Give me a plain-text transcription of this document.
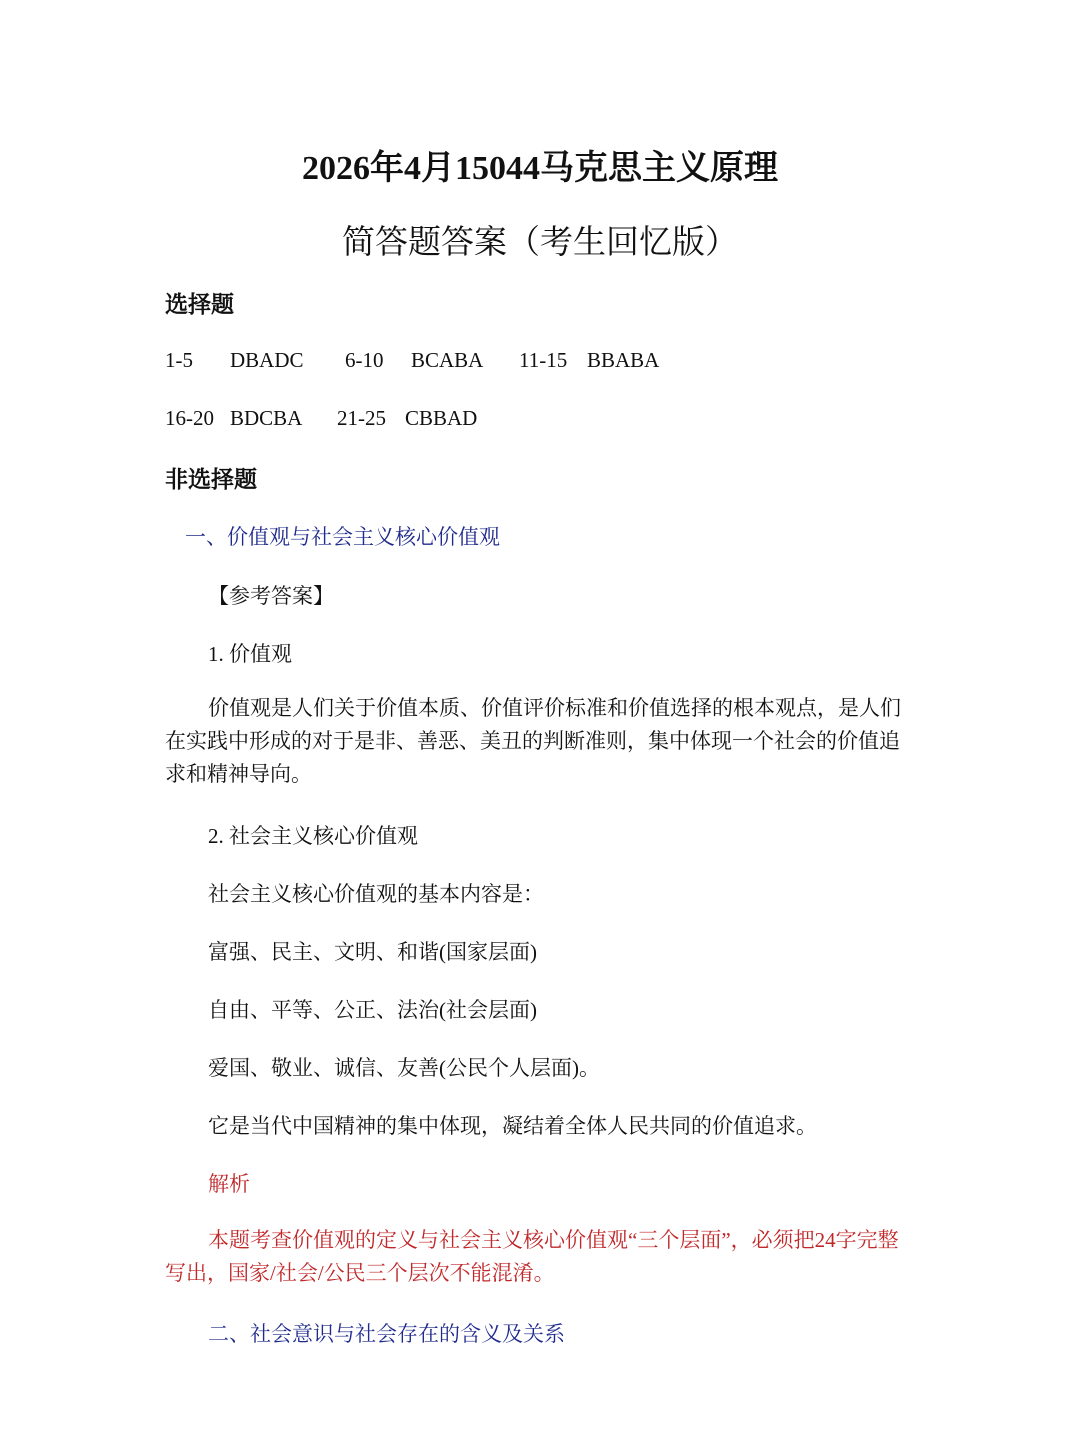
2026年4月15044马克思主义原理
简答题答案（考生回忆版）
选择题
1-5 DBADC 6-10 BCABA 11-15 BBABA
16-20 BDCBA 21-25 CBBAD
非选择题
一、价值观与社会主义核心价值观
【参考答案】
1. 价值观
价值观是人们关于价值本质、价值评价标准和价值选择的根本观点，是人们在实践中形成的对于是非、善恶、美丑的判断准则，集中体现一个社会的价值追求和精神导向。
2. 社会主义核心价值观
社会主义核心价值观的基本内容是：
富强、民主、文明、和谐(国家层面)
自由、平等、公正、法治(社会层面)
爱国、敬业、诚信、友善(公民个人层面)。
它是当代中国精神的集中体现，凝结着全体人民共同的价值追求。
解析
本题考查价值观的定义与社会主义核心价值观“三个层面”，必须把24字完整写出，国家/社会/公民三个层次不能混淆。
二、社会意识与社会存在的含义及关系
